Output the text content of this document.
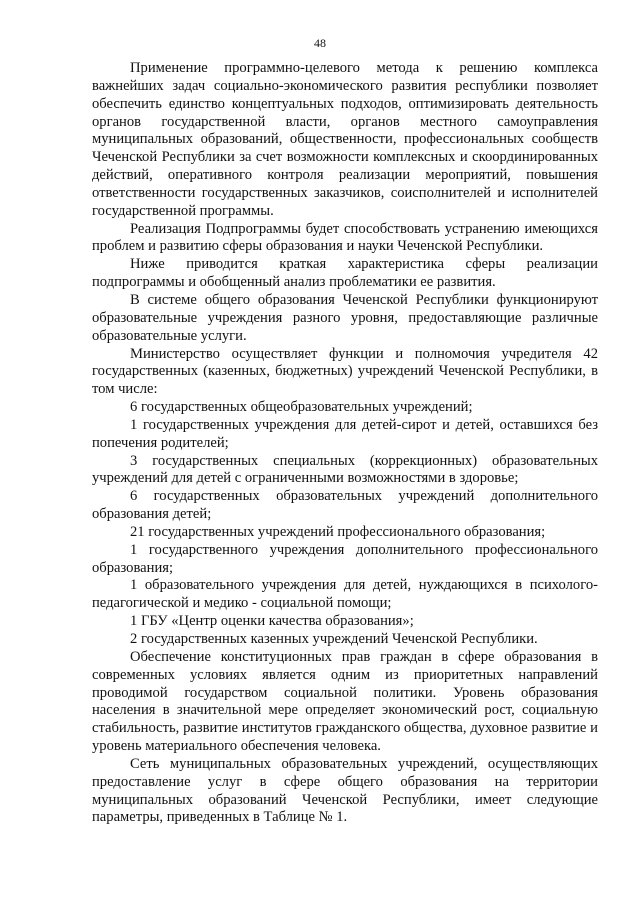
48

Применение программно-целевого метода к решению комплекса важнейших задач социально-экономического развития республики позволяет обеспечить единство концептуальных подходов, оптимизировать деятельность органов государственной власти, органов местного самоуправления муниципальных образований, общественности, профессиональных сообществ Чеченской Республики за счет возможности комплексных и скоординированных действий, оперативного контроля реализации мероприятий, повышения ответственности государственных заказчиков, соисполнителей и исполнителей государственной программы.

Реализация Подпрограммы будет способствовать устранению имеющихся проблем и развитию сферы образования и науки Чеченской Республики.

Ниже приводится краткая характеристика сферы реализации подпрограммы и обобщенный анализ проблематики ее развития.

В системе общего образования Чеченской Республики функционируют образовательные учреждения разного уровня, предоставляющие различные образовательные услуги.

Министерство осуществляет функции и полномочия учредителя 42 государственных (казенных, бюджетных) учреждений Чеченской Республики, в том числе:

6 государственных общеобразовательных учреждений;

1 государственных учреждения для детей-сирот и детей, оставшихся без попечения родителей;

3 государственных специальных (коррекционных) образовательных учреждений для детей с ограниченными возможностями в здоровье;

6 государственных образовательных учреждений дополнительного образования детей;

21 государственных учреждений профессионального образования;

1 государственного учреждения дополнительного профессионального образования;

1 образовательного учреждения для детей, нуждающихся в психолого-педагогической и медико - социальной помощи;

1 ГБУ «Центр оценки качества образования»;

2 государственных казенных учреждений Чеченской Республики.

Обеспечение конституционных прав граждан в сфере образования в современных условиях является одним из приоритетных направлений проводимой государством социальной политики. Уровень образования населения в значительной мере определяет экономический рост, социальную стабильность, развитие институтов гражданского общества, духовное развитие и уровень материального обеспечения человека.

Сеть муниципальных образовательных учреждений, осуществляющих предоставление услуг в сфере общего образования на территории муниципальных образований Чеченской Республики, имеет следующие параметры, приведенных в Таблице № 1.
